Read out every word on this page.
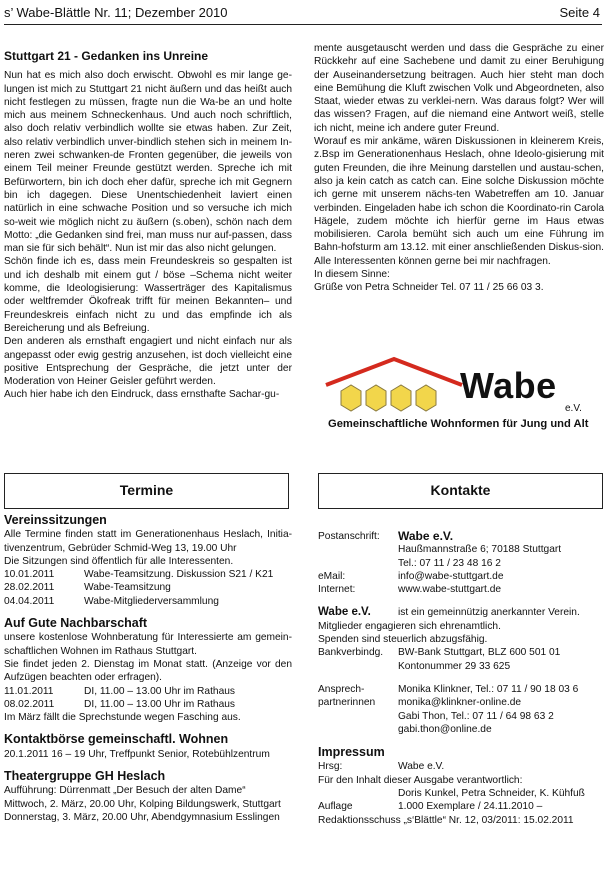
s’ Wabe-Blättle Nr. 11; Dezember 2010	Seite 4
Stuttgart 21 - Gedanken ins Unreine

Nun hat es mich also doch erwischt. Obwohl es mir lange ge-lungen ist mich zu Stuttgart 21 nicht äußern und das heißt auch nicht festlegen zu müssen, fragte nun die Wa-be an und holte mich aus meinem Schneckenhaus. Und auch noch schriftlich, also doch relativ verbindlich wollte sie etwas haben. Zur Zeit, also relativ verbindlich unver-bindlich stehen sich in meinem In-neren zwei schwanken-de Fronten gegenüber, die jeweils von einem Teil meiner Freunde gestützt werden. Spreche ich mit Befürwortern, bin ich doch eher dafür, spreche ich mit Gegnern bin ich dagegen. Diese Unentschiedenheit laviert einen natürlich in eine schwache Position und so versuche ich mich so-weit wie möglich nicht zu äußern (s.oben), schön nach dem Motto: „die Gedanken sind frei, man muss nur auf-passen, dass man sie für sich behält“. Nun ist mir das also nicht gelungen.

Schön finde ich es, dass mein Freundeskreis so gespalten ist und ich deshalb mit einem gut / böse –Schema nicht weiter komme, die Ideologisierung: Wasserträger des Kapitalismus oder weltfremder Ökofreak trifft für meinen Bekannten– und Freundeskreis einfach nicht zu und das empfinde ich als Bereicherung und als Befreiung.

Den anderen als ernsthaft engagiert und nicht einfach nur als angepasst oder ewig gestrig anzusehen, ist doch vielleicht eine positive Entsprechung der Gespräche, die jetzt unter der Moderation von Heiner Geisler geführt werden.

Auch hier habe ich den Eindruck, dass ernsthafte Sachar-gu-

mente ausgetauscht werden und dass die Gespräche zu einer Rückkehr auf eine Sachebene und damit zu einer Beruhigung der Auseinandersetzung beitragen. Auch hier steht man doch eine Bemühung die Kluft zwischen Volk und Abgeordneten, also Staat, wieder etwas zu verklei-nern. Was daraus folgt? Wer will das wissen? Fragen, auf die niemand eine Antwort weiß, stelle ich nicht, meine ich andere guter Freund.

Worauf es mir ankäme, wären Diskussionen in kleinerem Kreis, z.Bsp im Generationenhaus Heslach, ohne Ideolo-gisierung mit guten Freunden, die ihre Meinung darstellen und austau-schen, also ja kein catch as catch can. Eine solche Diskussion möchte ich gerne mit unserem nächs-ten Wabetreffen am 10. Januar verbinden. Eingeladen habe ich schon die Koordinato-rin Carola Hägele, zudem möchte ich hierfür gerne im Haus etwas mobilisieren. Carola bemüht sich auch um eine Führung im Bahn-hofsturm am 13.12. mit einer anschließenden Diskus-sion. Alle Interessenten können gerne bei mir nachfragen.

In diesem Sinne:

Grüße von Petra Schneider Tel. 07 11 / 25 66 03 3.

Wabe
e.V.
Gemeinschaftliche Wohnformen für Jung und Alt
Termine	Kontakte
Vereinssitzungen

Alle Termine finden statt im Generationenhaus Heslach, Initia-tivenzentrum, Gebrüder Schmid-Weg 13, 19.00 Uhr

Die Sitzungen sind öffentlich für alle Interessenten.

10.01.2011	Wabe-Teamsitzung. Diskussion S21 / K21
28.02.2011	Wabe-Teamsitzung
04.04.2011	Wabe-Mitgliederversammlung
Auf Gute Nachbarschaft

unsere kostenlose Wohnberatung für Interessierte am gemein-schaftlichen Wohnen im Rathaus Stuttgart.

Sie findet jeden 2. Dienstag im Monat statt. (Anzeige vor den Aufzügen beachten oder erfragen).

11.01.2011	DI, 11.00 – 13.00 Uhr im Rathaus
08.02.2011	DI, 11.00 – 13.00 Uhr im Rathaus

Im März fällt die Sprechstunde wegen Fasching aus.

Kontaktbörse gemeinschaftl. Wohnen

20.1.2011 16 – 19 Uhr, Treffpunkt Senior, Rotebühlzentrum

Theatergruppe GH Heslach
Aufführung: Dürrenmatt „Der Besuch der alten Dame“
Mittwoch, 2. März, 20.00 Uhr, Kolping Bildungswerk, Stuttgart
Donnerstag, 3. März, 20.00 Uhr, Abendgymnasium Esslingen
Postanschrift:	Wabe e.V.
Haußmannstraße 6; 70188 Stuttgart
Tel.: 07 11 / 23 48 16 2
eMail:	info@wabe-stuttgart.de
Internet:	www.wabe-stuttgart.de
Wabe e.V.	ist ein gemeinnützig anerkannter Verein.
Mitglieder engagieren sich ehrenamtlich.
Spenden sind steuerlich abzugsfähig.
Bankverbindg.	BW-Bank Stuttgart, BLZ 600 501 01
Kontonummer 29 33 625
Ansprech-	Monika Klinkner, Tel.: 07 11 / 90 18 03 6
partnerinnen	monika@klinkner-online.de
Gabi Thon, Tel.: 07 11 / 64 98 63 2
gabi.thon@online.de
Impressum
Hrsg:	Wabe e.V.
Für den Inhalt dieser Ausgabe verantwortlich:
Doris Kunkel, Petra Schneider, K. Kühfuß
Auflage	1.000 Exemplare / 24.11.2010 –
Redaktionsschuss „s‘Blättle“ Nr. 12, 03/2011: 15.02.2011
